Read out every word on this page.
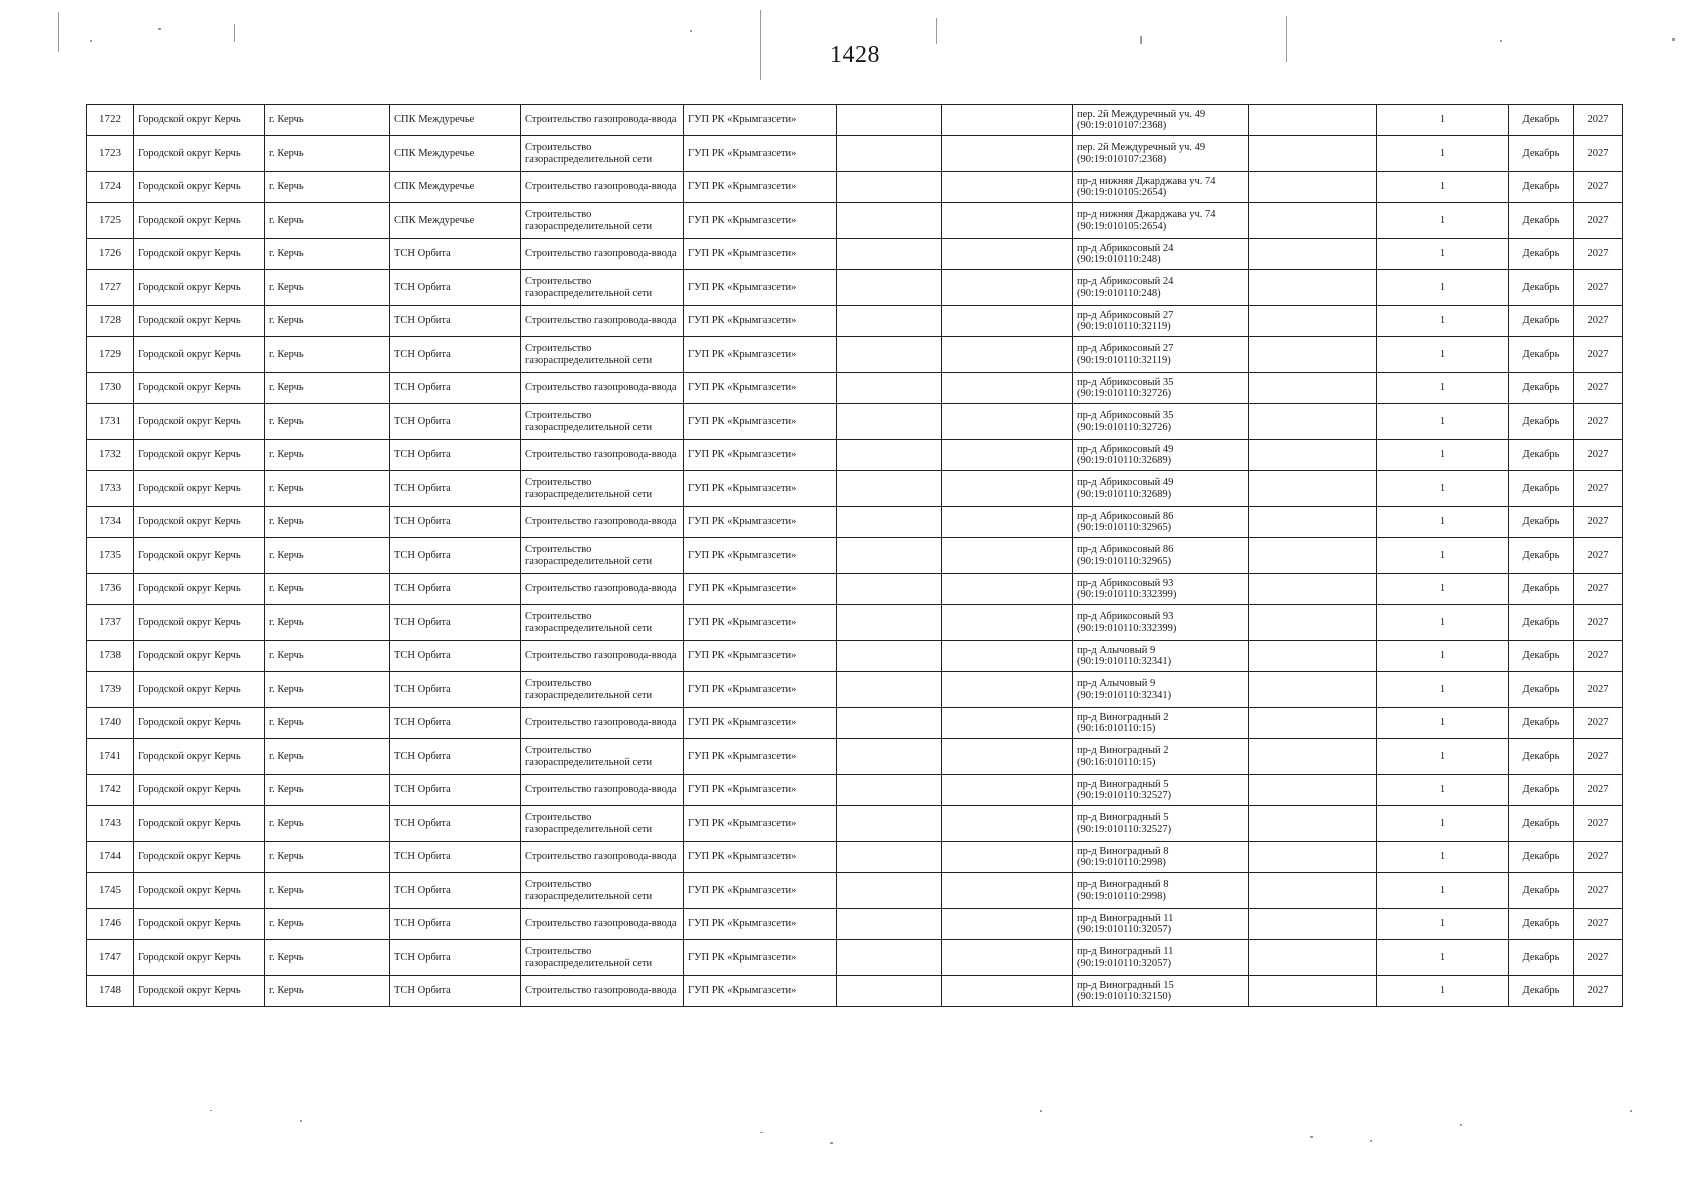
1428
1722	Городской округ Керчь	г. Керчь	СПК Междуречье	Строительство газопровода-ввода	ГУП РК «Крымгазсети»			пер. 2й Междуречный уч. 49 (90:19:010107:2368)		1	Декабрь	2027
1723	Городской округ Керчь	г. Керчь	СПК Междуречье	Строительство газораспределительной сети	ГУП РК «Крымгазсети»			пер. 2й Междуречный уч. 49 (90:19:010107:2368)		1	Декабрь	2027
1724	Городской округ Керчь	г. Керчь	СПК Междуречье	Строительство газопровода-ввода	ГУП РК «Крымгазсети»			пр-д нижняя Джарджава уч. 74 (90:19:010105:2654)		1	Декабрь	2027
1725	Городской округ Керчь	г. Керчь	СПК Междуречье	Строительство газораспределительной сети	ГУП РК «Крымгазсети»			пр-д нижняя Джарджава уч. 74 (90:19:010105:2654)		1	Декабрь	2027
1726	Городской округ Керчь	г. Керчь	ТСН Орбита	Строительство газопровода-ввода	ГУП РК «Крымгазсети»			пр-д Абрикосовый 24 (90:19:010110:248)		1	Декабрь	2027
1727	Городской округ Керчь	г. Керчь	ТСН Орбита	Строительство газораспределительной сети	ГУП РК «Крымгазсети»			пр-д Абрикосовый 24 (90:19:010110:248)		1	Декабрь	2027
1728	Городской округ Керчь	г. Керчь	ТСН Орбита	Строительство газопровода-ввода	ГУП РК «Крымгазсети»			пр-д Абрикосовый 27 (90:19:010110:32119)		1	Декабрь	2027
1729	Городской округ Керчь	г. Керчь	ТСН Орбита	Строительство газораспределительной сети	ГУП РК «Крымгазсети»			пр-д Абрикосовый 27 (90:19:010110:32119)		1	Декабрь	2027
1730	Городской округ Керчь	г. Керчь	ТСН Орбита	Строительство газопровода-ввода	ГУП РК «Крымгазсети»			пр-д Абрикосовый 35 (90:19:010110:32726)		1	Декабрь	2027
1731	Городской округ Керчь	г. Керчь	ТСН Орбита	Строительство газораспределительной сети	ГУП РК «Крымгазсети»			пр-д Абрикосовый 35 (90:19:010110:32726)		1	Декабрь	2027
1732	Городской округ Керчь	г. Керчь	ТСН Орбита	Строительство газопровода-ввода	ГУП РК «Крымгазсети»			пр-д Абрикосовый 49 (90:19:010110:32689)		1	Декабрь	2027
1733	Городской округ Керчь	г. Керчь	ТСН Орбита	Строительство газораспределительной сети	ГУП РК «Крымгазсети»			пр-д Абрикосовый 49 (90:19:010110:32689)		1	Декабрь	2027
1734	Городской округ Керчь	г. Керчь	ТСН Орбита	Строительство газопровода-ввода	ГУП РК «Крымгазсети»			пр-д Абрикосовый 86 (90:19:010110:32965)		1	Декабрь	2027
1735	Городской округ Керчь	г. Керчь	ТСН Орбита	Строительство газораспределительной сети	ГУП РК «Крымгазсети»			пр-д Абрикосовый 86 (90:19:010110:32965)		1	Декабрь	2027
1736	Городской округ Керчь	г. Керчь	ТСН Орбита	Строительство газопровода-ввода	ГУП РК «Крымгазсети»			пр-д Абрикосовый 93 (90:19:010110:332399)		1	Декабрь	2027
1737	Городской округ Керчь	г. Керчь	ТСН Орбита	Строительство газораспределительной сети	ГУП РК «Крымгазсети»			пр-д Абрикосовый 93 (90:19:010110:332399)		1	Декабрь	2027
1738	Городской округ Керчь	г. Керчь	ТСН Орбита	Строительство газопровода-ввода	ГУП РК «Крымгазсети»			пр-д Алычовый 9 (90:19:010110:32341)		1	Декабрь	2027
1739	Городской округ Керчь	г. Керчь	ТСН Орбита	Строительство газораспределительной сети	ГУП РК «Крымгазсети»			пр-д Алычовый 9 (90:19:010110:32341)		1	Декабрь	2027
1740	Городской округ Керчь	г. Керчь	ТСН Орбита	Строительство газопровода-ввода	ГУП РК «Крымгазсети»			пр-д Виноградный 2 (90:16:010110:15)		1	Декабрь	2027
1741	Городской округ Керчь	г. Керчь	ТСН Орбита	Строительство газораспределительной сети	ГУП РК «Крымгазсети»			пр-д Виноградный 2 (90:16:010110:15)		1	Декабрь	2027
1742	Городской округ Керчь	г. Керчь	ТСН Орбита	Строительство газопровода-ввода	ГУП РК «Крымгазсети»			пр-д Виноградный 5 (90:19:010110:32527)		1	Декабрь	2027
1743	Городской округ Керчь	г. Керчь	ТСН Орбита	Строительство газораспределительной сети	ГУП РК «Крымгазсети»			пр-д Виноградный 5 (90:19:010110:32527)		1	Декабрь	2027
1744	Городской округ Керчь	г. Керчь	ТСН Орбита	Строительство газопровода-ввода	ГУП РК «Крымгазсети»			пр-д Виноградный 8 (90:19:010110:2998)		1	Декабрь	2027
1745	Городской округ Керчь	г. Керчь	ТСН Орбита	Строительство газораспределительной сети	ГУП РК «Крымгазсети»			пр-д Виноградный 8 (90:19:010110:2998)		1	Декабрь	2027
1746	Городской округ Керчь	г. Керчь	ТСН Орбита	Строительство газопровода-ввода	ГУП РК «Крымгазсети»			пр-д Виноградный 11 (90:19:010110:32057)		1	Декабрь	2027
1747	Городской округ Керчь	г. Керчь	ТСН Орбита	Строительство газораспределительной сети	ГУП РК «Крымгазсети»			пр-д Виноградный 11 (90:19:010110:32057)		1	Декабрь	2027
1748	Городской округ Керчь	г. Керчь	ТСН Орбита	Строительство газопровода-ввода	ГУП РК «Крымгазсети»			пр-д Виноградный 15 (90:19:010110:32150)		1	Декабрь	2027
